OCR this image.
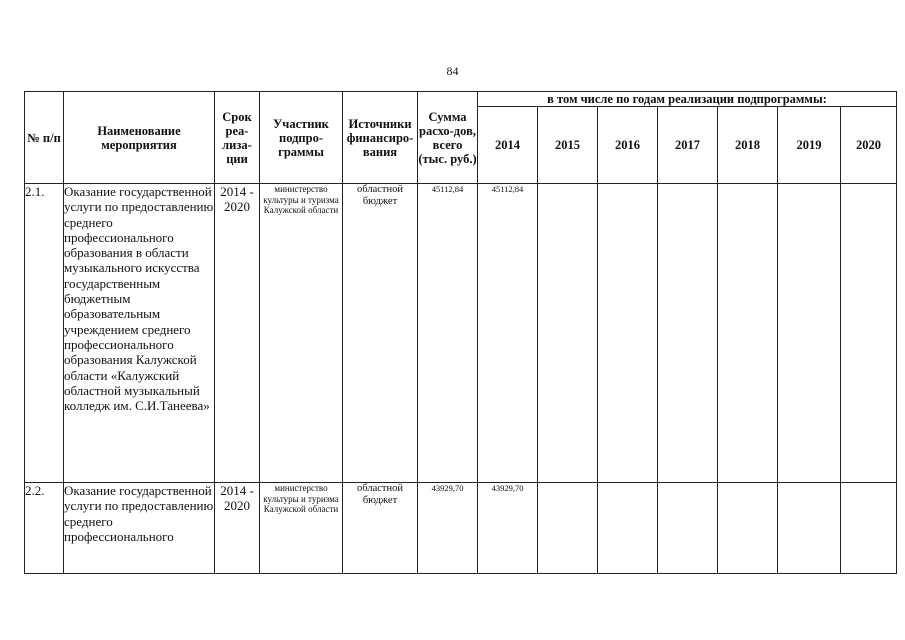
84
№ п/п	Наименование мероприятия	Срок реа-лиза-ции	Участник подпро-граммы	Источники финансиро-вания	Сумма расхо-дов, всего (тыс. руб.)	в том числе по годам реализации подпрограммы:						
						2014	2015	2016	2017	2018	2019	2020
2.1.	Оказание государственной услуги по предоставлению среднего профессионального образования в области музыкального искусства государственным бюджетным образовательным учреждением среднего профессионального образования Калужской области «Калужский областной музыкальный колледж им. С.И.Танеева»	2014 - 2020	министерство культуры и туризма Калужской области	областной бюджет	45112,84	45112,84						
2.2.	Оказание государственной услуги по предоставлению среднего профессионального	2014 - 2020	министерство культуры и туризма Калужской области	областной бюджет	43929,70	43929,70						
